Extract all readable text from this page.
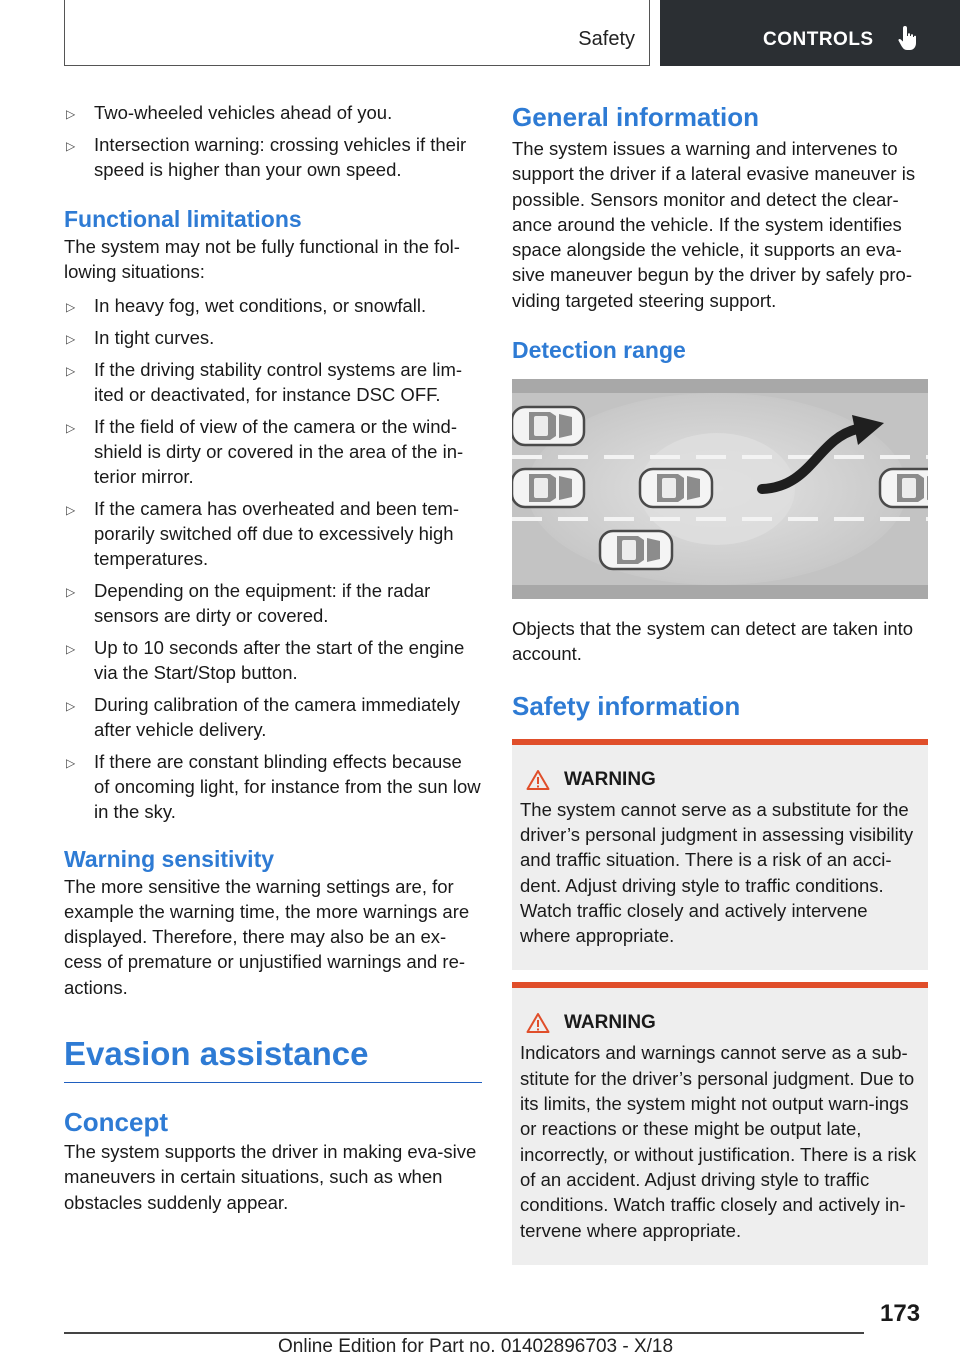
Safety	CONTROLS
▷ Two-wheeled vehicles ahead of you.
▷ Intersection warning: crossing vehicles if their speed is higher than your own speed.
Functional limitations

The system may not be fully functional in the fol-lowing situations:

▷ In heavy fog, wet conditions, or snowfall.
▷ In tight curves.
▷ If the driving stability control systems are lim-ited or deactivated, for instance DSC OFF.
▷ If the field of view of the camera or the wind-shield is dirty or covered in the area of the in-terior mirror.
▷ If the camera has overheated and been tem-porarily switched off due to excessively high temperatures.
▷ Depending on the equipment: if the radar sensors are dirty or covered.
▷ Up to 10 seconds after the start of the engine via the Start/Stop button.
▷ During calibration of the camera immediately after vehicle delivery.
▷ If there are constant blinding effects because of oncoming light, for instance from the sun low in the sky.
Warning sensitivity

The more sensitive the warning settings are, for example the warning time, the more warnings are displayed. Therefore, there may also be an ex-cess of premature or unjustified warnings and re-actions.

Evasion assistance
Concept

The system supports the driver in making eva-sive maneuvers in certain situations, such as when obstacles suddenly appear.

General information

The system issues a warning and intervenes to support the driver if a lateral evasive maneuver is possible. Sensors monitor and detect the clear-ance around the vehicle. If the system identifies space alongside the vehicle, it supports an eva-sive maneuver begun by the driver by safely pro-viding targeted steering support.

Detection range

Objects that the system can detect are taken into account.

Safety information
WARNING

The system cannot serve as a substitute for the driver’s personal judgment in assessing visibility and traffic situation. There is a risk of an acci-dent. Adjust driving style to traffic conditions. Watch traffic closely and actively intervene where appropriate.

WARNING

Indicators and warnings cannot serve as a sub-stitute for the driver’s personal judgment. Due to its limits, the system might not output warn-ings or reactions or these might be output late, incorrectly, or without justification. There is a risk of an accident. Adjust driving style to traffic conditions. Watch traffic closely and actively in-tervene where appropriate.

173
Online Edition for Part no. 01402896703 - X/18
